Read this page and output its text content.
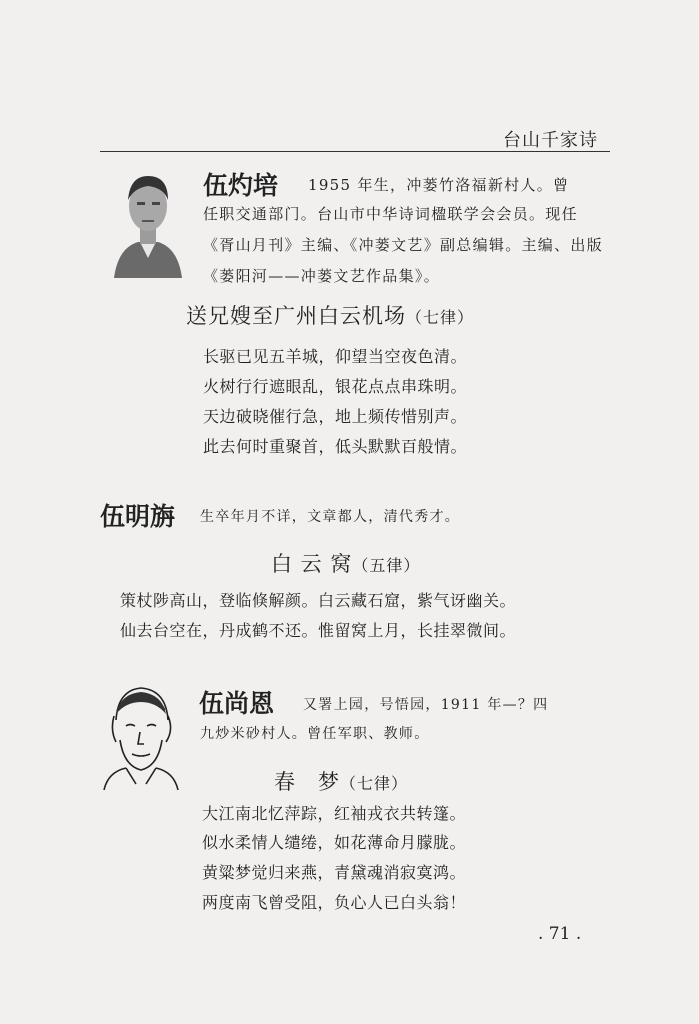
台山千家诗
伍灼培 1955 年生，冲蒌竹洛福新村人。曾
任职交通部门。台山市中华诗词楹联学会会员。现任《胥山月刊》主编、《冲蒌文艺》副总编辑。主编、出版《蒌阳河——冲蒌文艺作品集》。
送兄嫂至广州白云机场（七律）
长驱已见五羊城，仰望当空夜色清。
火树行行遮眼乱，银花点点串珠明。
天边破晓催行急，地上频传惜别声。
此去何时重聚首，低头默默百般情。
伍明旃 生卒年月不详，文章都人，清代秀才。
白 云 窝（五律）
策杖陟高山，登临倏解颜。白云藏石窟，紫气讶幽关。
仙去台空在，丹成鹤不还。惟留窝上月，长挂翠微间。
伍尚恩 又署上园，号悟园，1911 年—？四
九炒米砂村人。曾任军职、教师。
春　梦（七律）
大江南北忆萍踪，红袖戎衣共转篷。
似水柔情人缱绻，如花薄命月朦胧。
黄粱梦觉归来燕，青黛魂消寂寞鸿。
两度南飞曾受阻，负心人已白头翁！
. 71 .
